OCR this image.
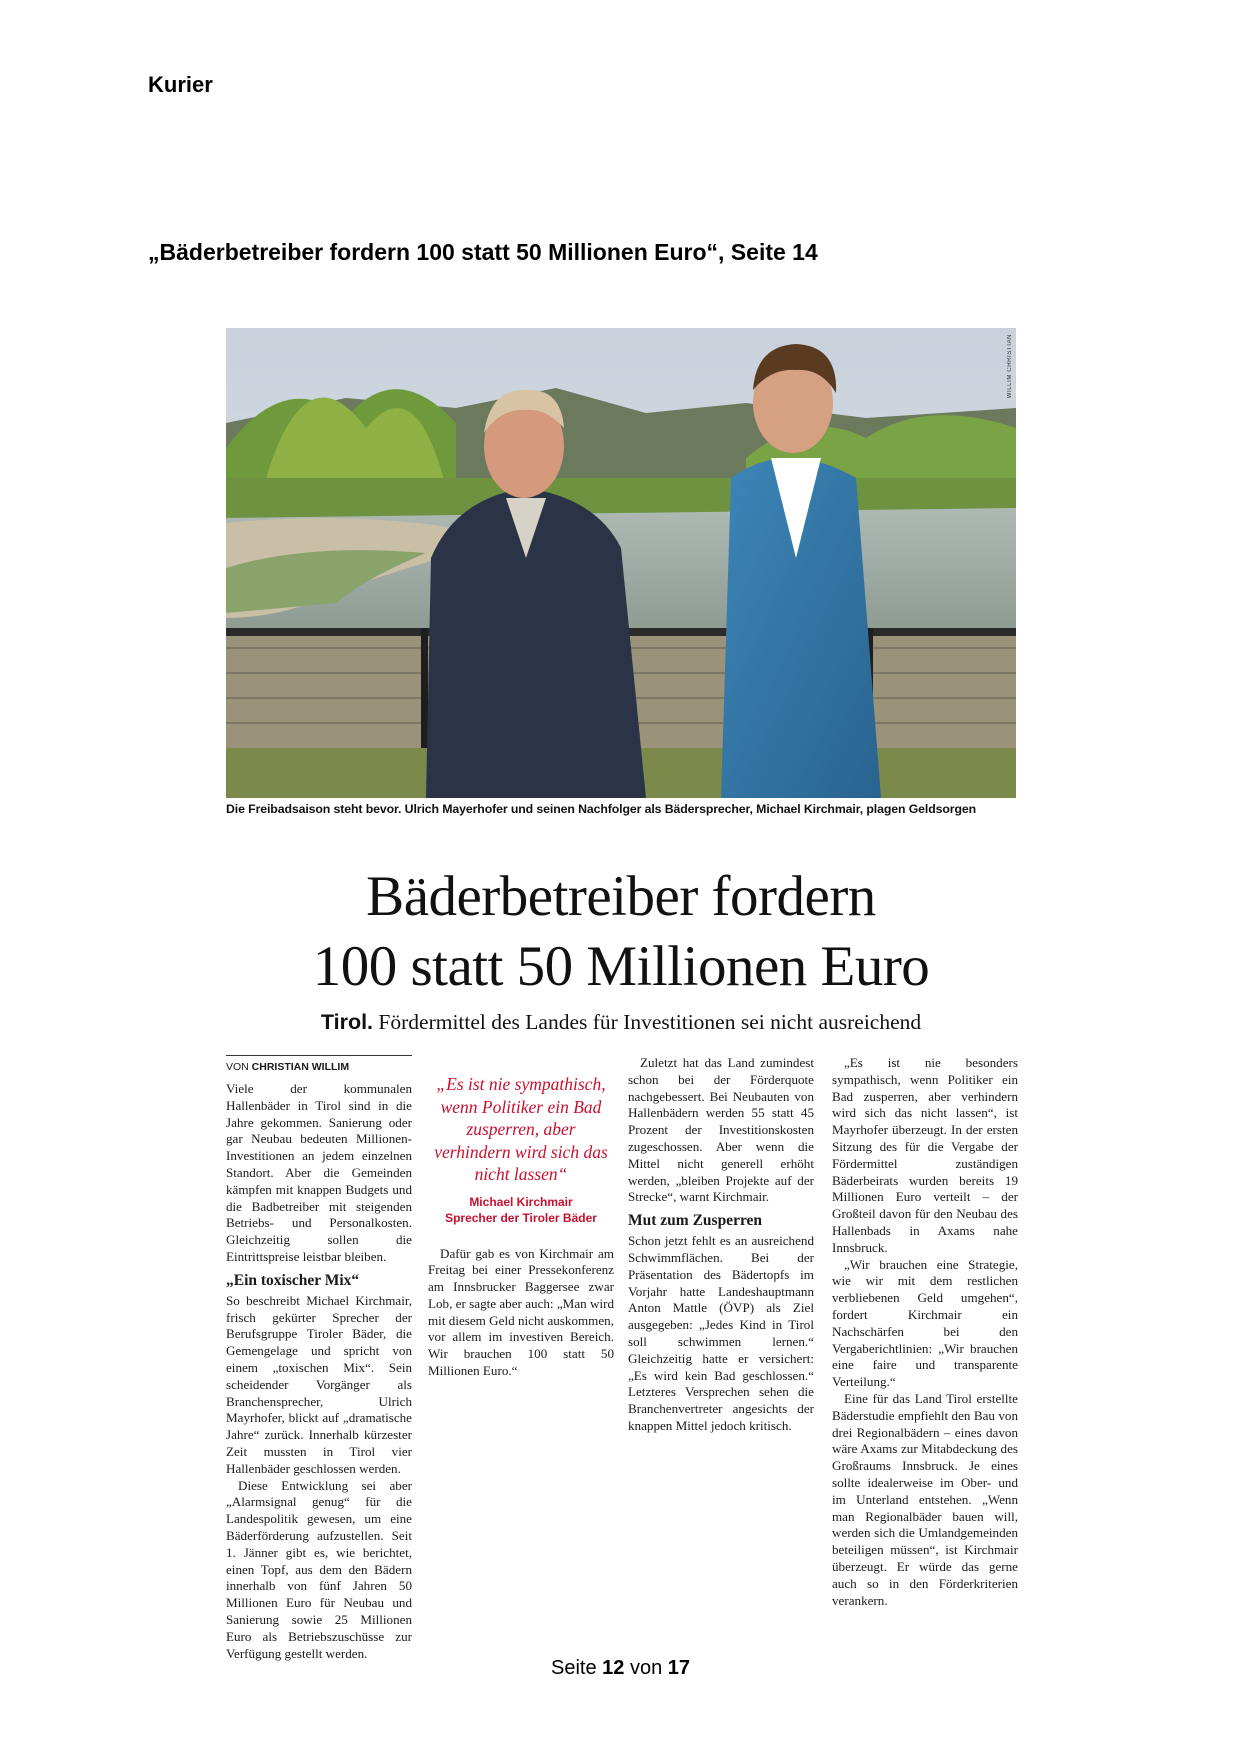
Kurier
„Bäderbetreiber fordern 100 statt 50 Millionen Euro“, Seite 14
WILLIM CHRISTIAN
Die Freibadsaison steht bevor. Ulrich Mayerhofer und seinen Nachfolger als Bädersprecher, Michael Kirchmair, plagen Geldsorgen
Bäderbetreiber fordern
100 statt 50 Millionen Euro
Tirol. Fördermittel des Landes für Investitionen sei nicht ausreichend
VON CHRISTIAN WILLIM

Viele der kommunalen Hallenbäder in Tirol sind in die Jahre gekommen. Sanierung oder gar Neubau bedeuten Millionen-Investitionen an jedem einzelnen Standort. Aber die Gemeinden kämpfen mit knappen Budgets und die Badbetreiber mit steigenden Betriebs- und Personalkosten. Gleichzeitig sollen die Eintrittspreise leistbar bleiben.

„Ein toxischer Mix“

So beschreibt Michael Kirchmair, frisch gekürter Sprecher der Berufsgruppe Tiroler Bäder, die Gemengelage und spricht von einem „toxischen Mix“. Sein scheidender Vorgänger als Branchensprecher, Ulrich Mayrhofer, blickt auf „dramatische Jahre“ zurück. Innerhalb kürzester Zeit mussten in Tirol vier Hallenbäder geschlossen werden.

Diese Entwicklung sei aber „Alarmsignal genug“ für die Landespolitik gewesen, um eine Bäderförderung aufzustellen. Seit 1. Jänner gibt es, wie berichtet, einen Topf, aus dem den Bädern innerhalb von fünf Jahren 50 Millionen Euro für Neubau und Sanierung sowie 25 Millionen Euro als Betriebszuschüsse zur Verfügung gestellt werden.

„Es ist nie sympathisch, wenn Politiker ein Bad zusperren, aber verhindern wird sich das nicht lassen“
Michael Kirchmair
Sprecher der Tiroler Bäder

Dafür gab es von Kirchmair am Freitag bei einer Pressekonferenz am Innsbrucker Baggersee zwar Lob, er sagte aber auch: „Man wird mit diesem Geld nicht auskommen, vor allem im investiven Bereich. Wir brauchen 100 statt 50 Millionen Euro.“

Zuletzt hat das Land zumindest schon bei der Förderquote nachgebessert. Bei Neubauten von Hallenbädern werden 55 statt 45 Prozent der Investitionskosten zugeschossen. Aber wenn die Mittel nicht generell erhöht werden, „bleiben Projekte auf der Strecke“, warnt Kirchmair.

Mut zum Zusperren

Schon jetzt fehlt es an ausreichend Schwimmflächen. Bei der Präsentation des Bädertopfs im Vorjahr hatte Landeshauptmann Anton Mattle (ÖVP) als Ziel ausgegeben: „Jedes Kind in Tirol soll schwimmen lernen.“ Gleichzeitig hatte er versichert: „Es wird kein Bad geschlossen.“ Letzteres Versprechen sehen die Branchenvertreter angesichts der knappen Mittel jedoch kritisch.

„Es ist nie besonders sympathisch, wenn Politiker ein Bad zusperren, aber verhindern wird sich das nicht lassen“, ist Mayrhofer überzeugt. In der ersten Sitzung des für die Vergabe der Fördermittel zuständigen Bäderbeirats wurden bereits 19 Millionen Euro verteilt – der Großteil davon für den Neubau des Hallenbads in Axams nahe Innsbruck.

„Wir brauchen eine Strategie, wie wir mit dem restlichen verbliebenen Geld umgehen“, fordert Kirchmair ein Nachschärfen bei den Vergaberichtlinien: „Wir brauchen eine faire und transparente Verteilung.“

Eine für das Land Tirol erstellte Bäderstudie empfiehlt den Bau von drei Regionalbädern – eines davon wäre Axams zur Mitabdeckung des Großraums Innsbruck. Je eines sollte idealerweise im Ober- und im Unterland entstehen. „Wenn man Regionalbäder bauen will, werden sich die Umlandgemeinden beteiligen müssen“, ist Kirchmair überzeugt. Er würde das gerne auch so in den Förderkriterien verankern.

Seite 12 von 17
